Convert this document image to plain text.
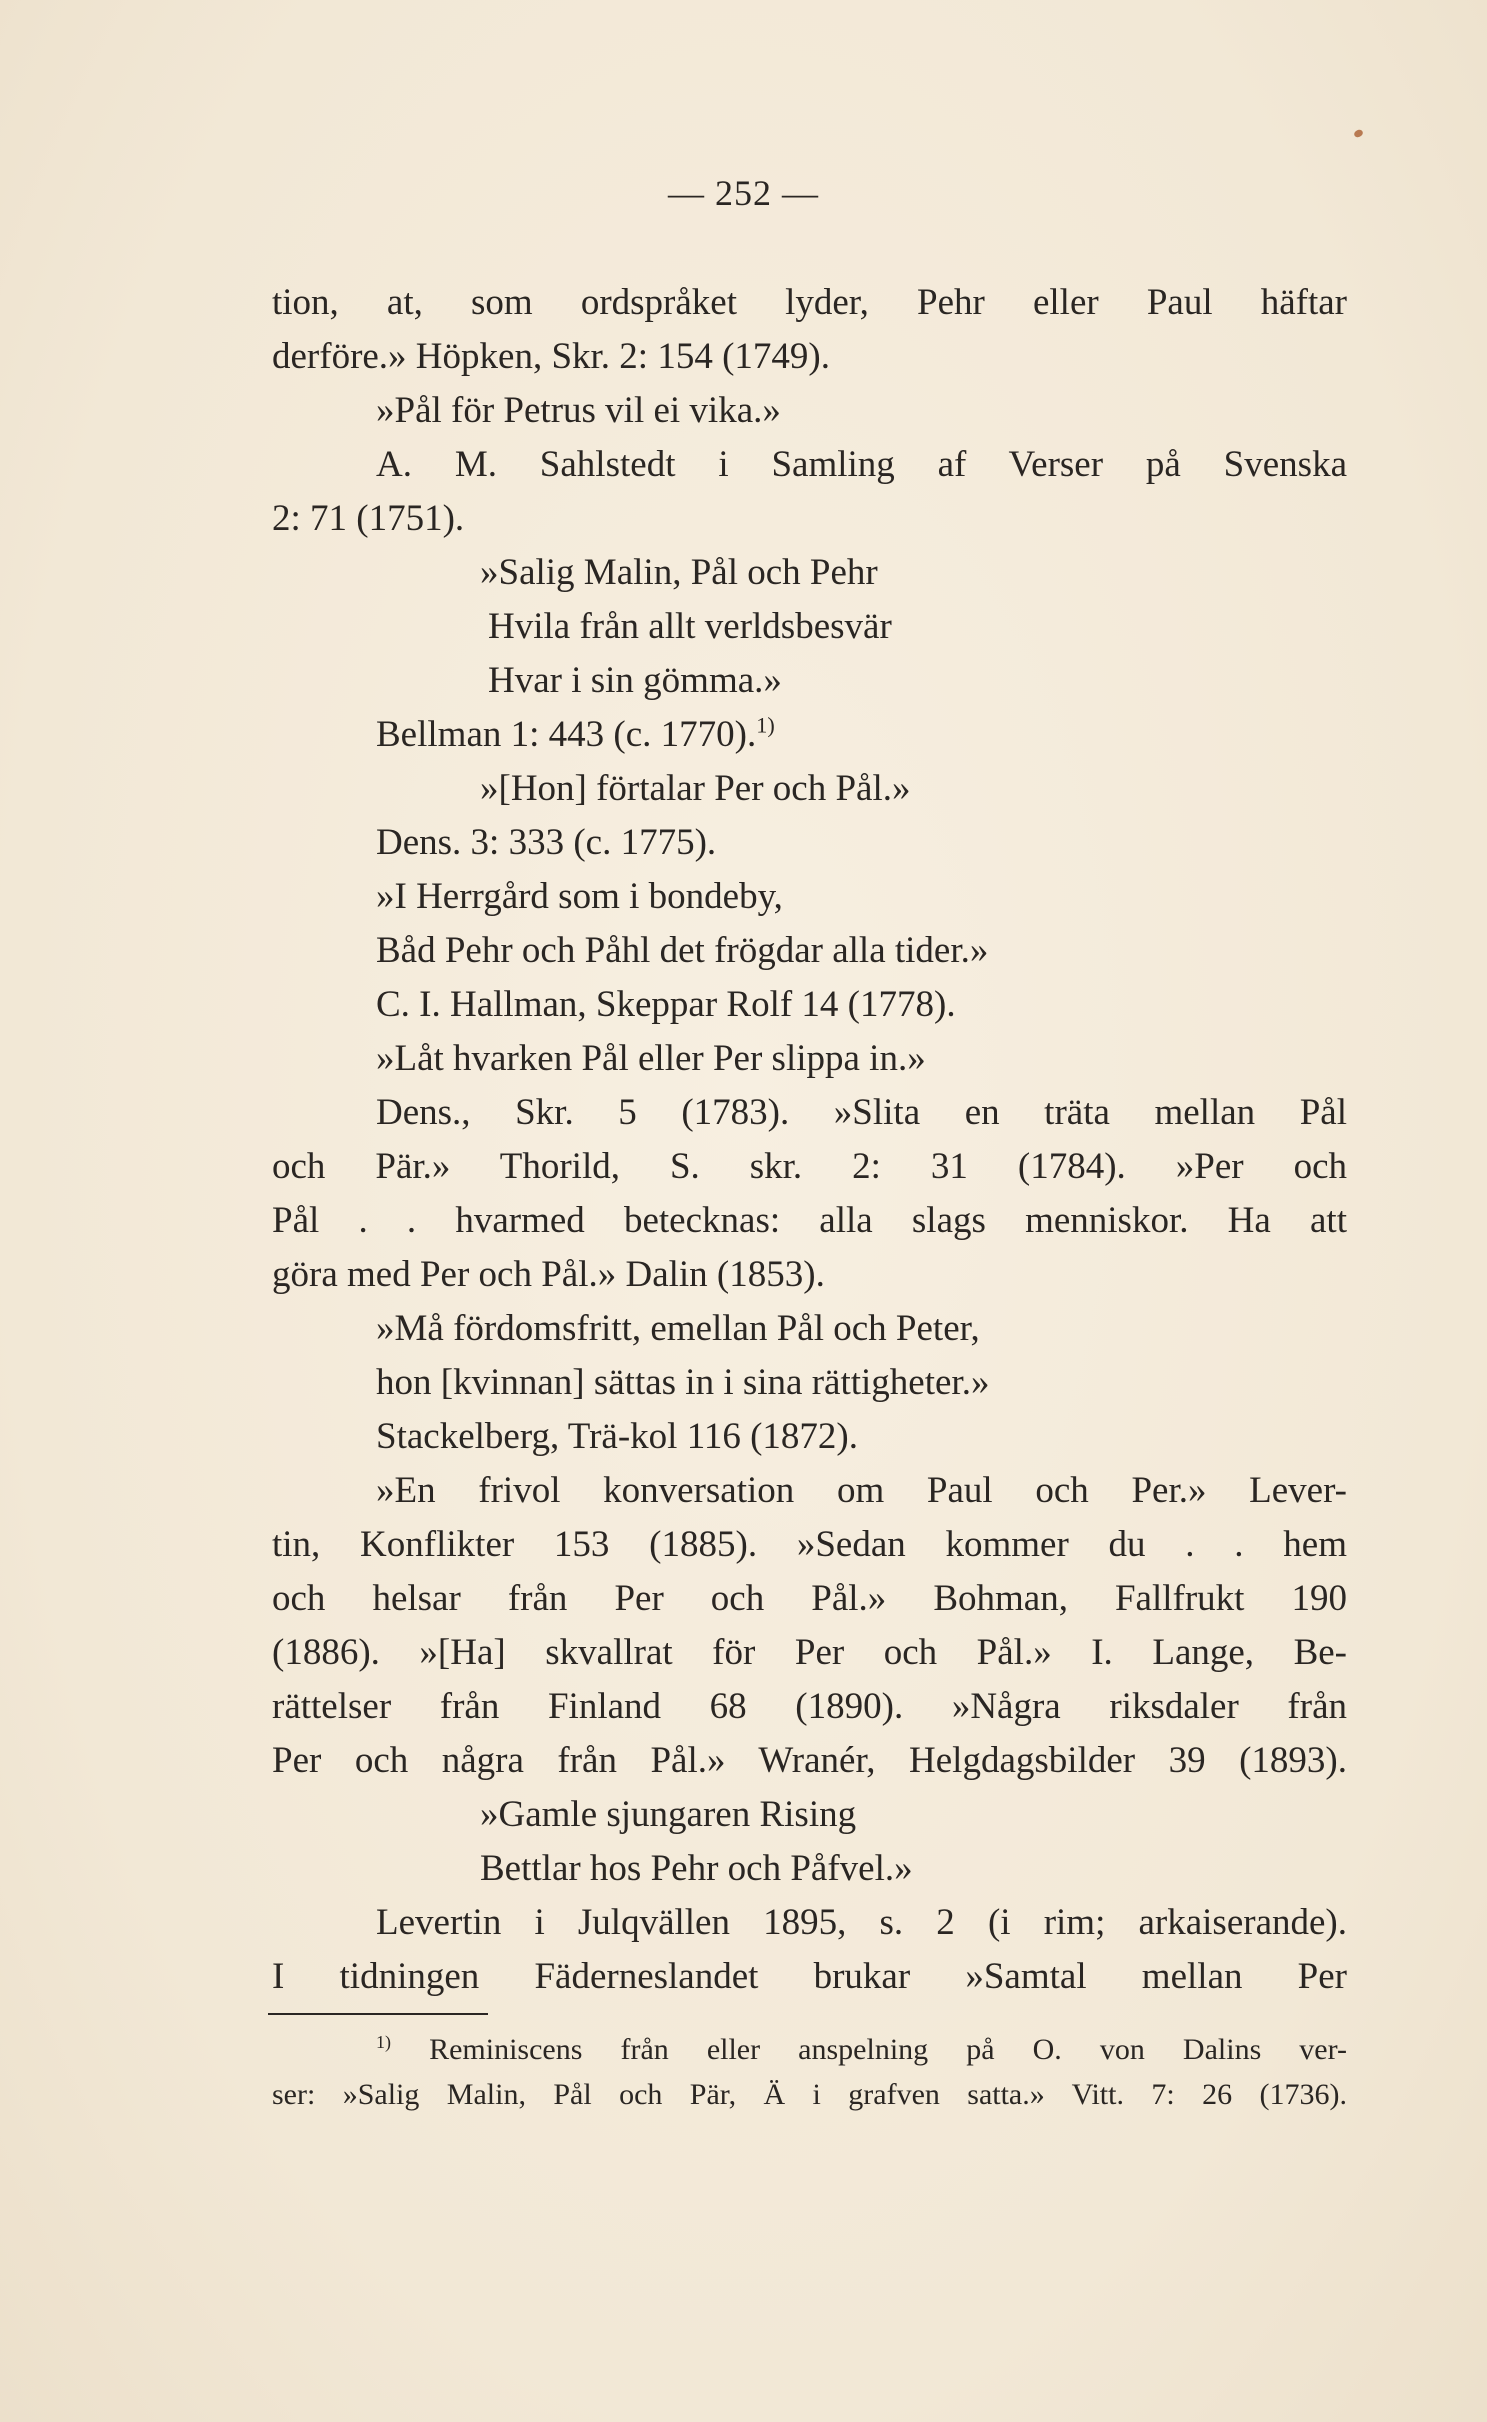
— 252 —
tion, at, som ordspråket lyder, Pehr eller Paul häftar
derföre.» Höpken, Skr. 2: 154 (1749).
»Pål för Petrus vil ei vika.»
A. M. Sahlstedt i Samling af Verser på Svenska
2: 71 (1751).
»Salig Malin, Pål och Pehr
Hvila från allt verldsbesvär
Hvar i sin gömma.»
Bellman 1: 443 (c. 1770).$^{1)}$
»[Hon] förtalar Per och Pål.»
Dens. 3: 333 (c. 1775).
»I Herrgård som i bondeby,
Båd Pehr och Påhl det frögdar alla tider.»
C. I. Hallman, Skeppar Rolf 14 (1778).
»Låt hvarken Pål eller Per slippa in.»
Dens., Skr. 5 (1783). »Slita en träta mellan Pål
och Pär.» Thorild, S. skr. 2: 31 (1784). »Per och
Pål . . hvarmed betecknas: alla slags menniskor. Ha att
göra med Per och Pål.» Dalin (1853).
»Må fördomsfritt, emellan Pål och Peter,
hon [kvinnan] sättas in i sina rättigheter.»
Stackelberg, Trä-kol 116 (1872).
»En frivol konversation om Paul och Per.» Lever-
tin, Konflikter 153 (1885). »Sedan kommer du . . hem
och helsar från Per och Pål.» Bohman, Fallfrukt 190
(1886). »[Ha] skvallrat för Per och Pål.» I. Lange, Be-
rättelser från Finland 68 (1890). »Några riksdaler från
Per och några från Pål.» Wranér, Helgdagsbilder 39 (1893).
»Gamle sjungaren Rising
Bettlar hos Pehr och Påfvel.»
Levertin i Julqvällen 1895, s. 2 (i rim; arkaiserande).
I tidningen Fäderneslandet brukar »Samtal mellan Per
$^{1)}$ Reminiscens från eller anspelning på O. von Dalins ver-
ser: »Salig Malin, Pål och Pär, Ä i grafven satta.» Vitt. 7: 26 (1736).
